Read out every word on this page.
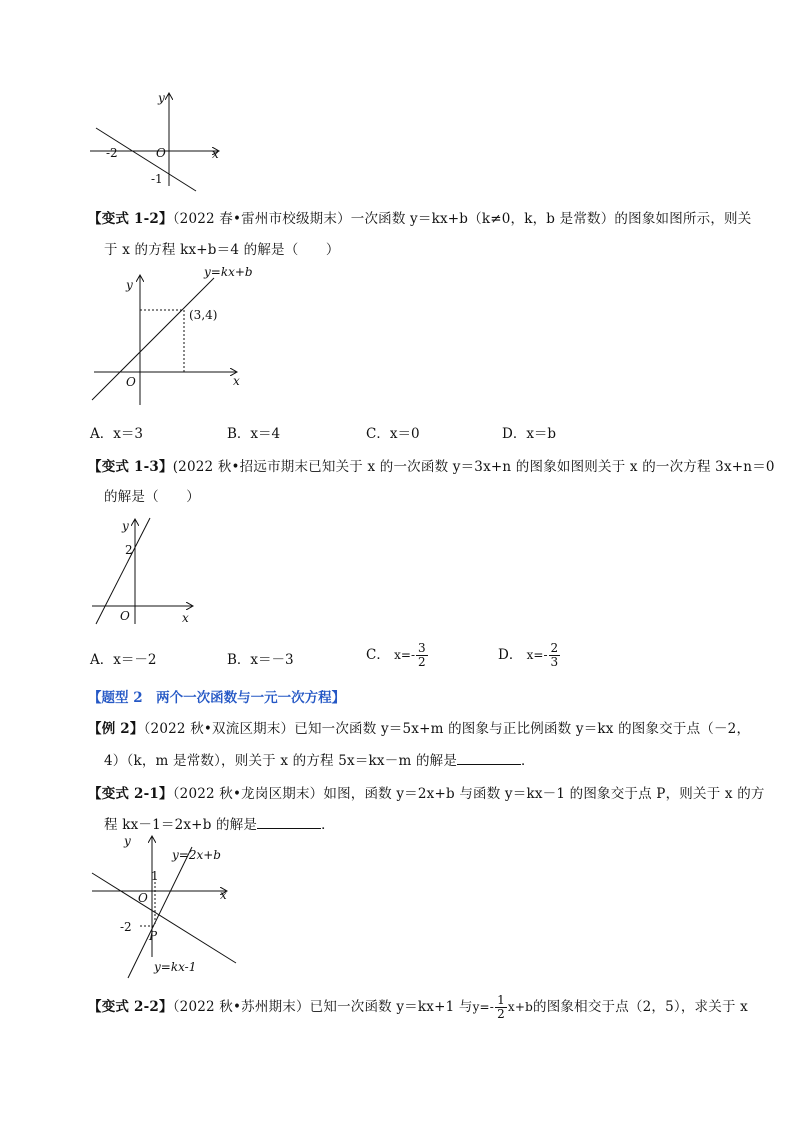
y
x
O
-2
-1
【变式 1-2】（2022 春•雷州市校级期末）一次函数 y＝kx+b（k≠0，k，b 是常数）的图象如图所示，则关
于 x 的方程 kx+b＝4 的解是（　　）
y=kx+b
(3,4)
y
x
O
A．x＝3	B．x＝4	C．x＝0	D．x＝b
【变式 1-3】(2022 秋•招远市期末已知关于 x 的一次函数 y＝3x+n 的图象如图则关于 x 的一次方程 3x+n＝0
的解是（　　）
y
x
O
2
A．x＝－2	B．x＝－3	C． $x=- \frac{3}{2}$	D． $x=- \frac{2}{3}$
【题型 2　两个一次函数与一元一次方程】
【例 2】（2022 秋•双流区期末）已知一次函数 y＝5x+m 的图象与正比例函数 y＝kx 的图象交于点（－2，
4）（k，m 是常数），则关于 x 的方程 5x＝kx－m 的解是	．
【变式 2-1】（2022 秋•龙岗区期末）如图，函数 y＝2x+b 与函数 y＝kx－1 的图象交于点 P，则关于 x 的方
程 kx－1＝2x+b 的解是	．
y=2x+b
y=kx-1
y
x
O
1
-2
P
【变式 2-2】（2022 秋•苏州期末）已知一次函数 y＝kx+1 与$y=- \frac{1}{2} x+b$的图象相交于点（2，5），求关于 x
